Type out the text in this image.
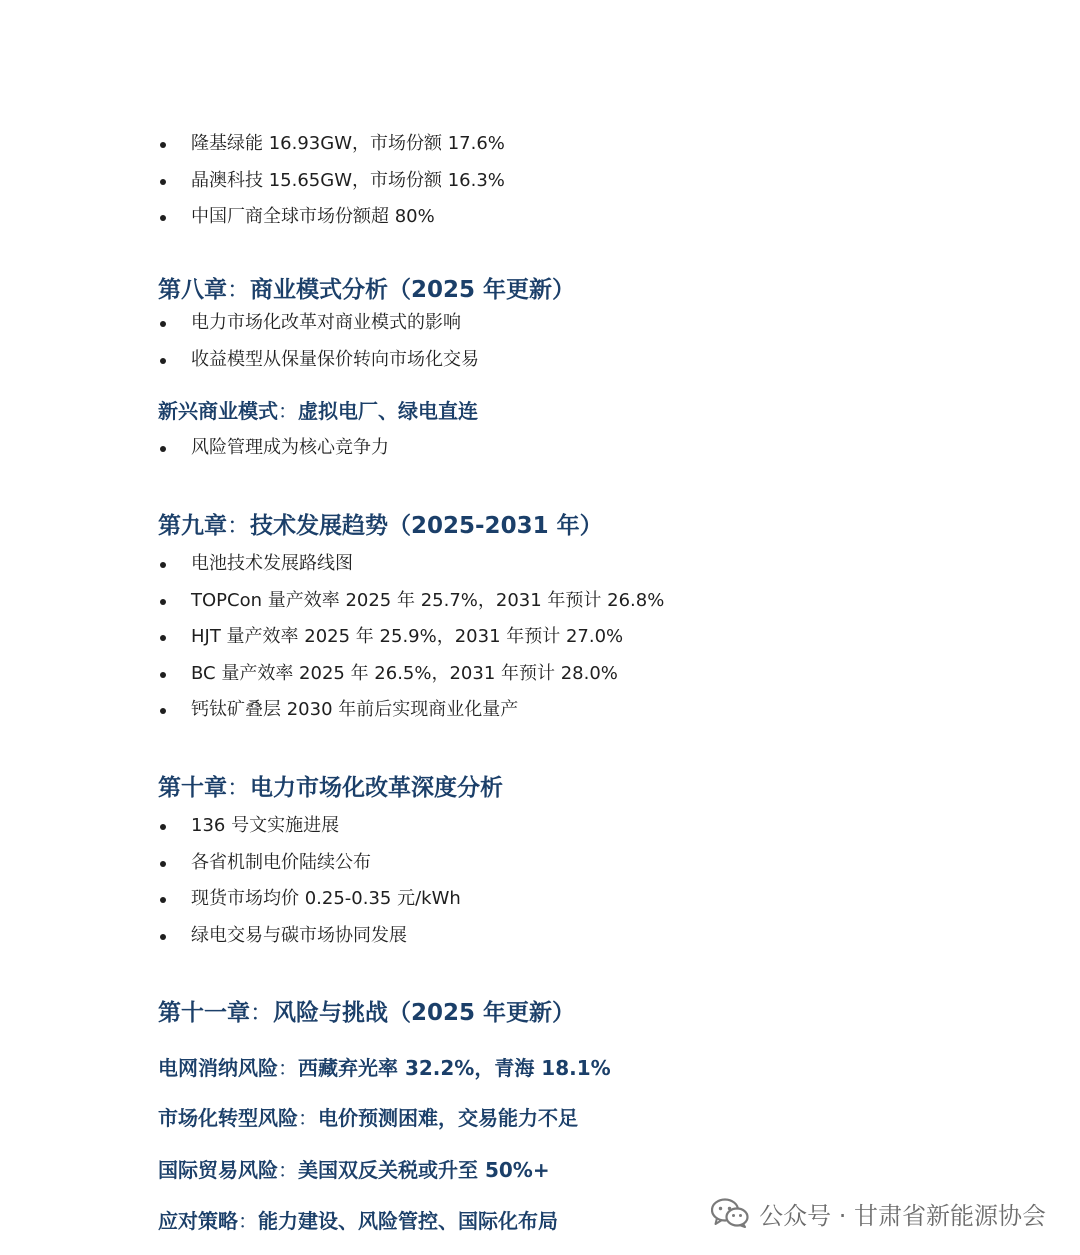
隆基绿能 16.93GW，市场份额 17.6%
晶澳科技 15.65GW，市场份额 16.3%
中国厂商全球市场份额超 80%
第八章：商业模式分析（2025 年更新）
电力市场化改革对商业模式的影响
收益模型从保量保价转向市场化交易
新兴商业模式：虚拟电厂、绿电直连
风险管理成为核心竞争力
第九章：技术发展趋势（2025-2031 年）
电池技术发展路线图
TOPCon 量产效率 2025 年 25.7%，2031 年预计 26.8%
HJT 量产效率 2025 年 25.9%，2031 年预计 27.0%
BC 量产效率 2025 年 26.5%，2031 年预计 28.0%
钙钛矿叠层 2030 年前后实现商业化量产
第十章：电力市场化改革深度分析
136 号文实施进展
各省机制电价陆续公布
现货市场均价 0.25-0.35 元/kWh
绿电交易与碳市场协同发展
第十一章：风险与挑战（2025 年更新）
电网消纳风险：西藏弃光率 32.2%，青海 18.1%
市场化转型风险：电价预测困难，交易能力不足
国际贸易风险：美国双反关税或升至 50%+
应对策略：能力建设、风险管控、国际化布局	公众号 · 甘肃省新能源协会
